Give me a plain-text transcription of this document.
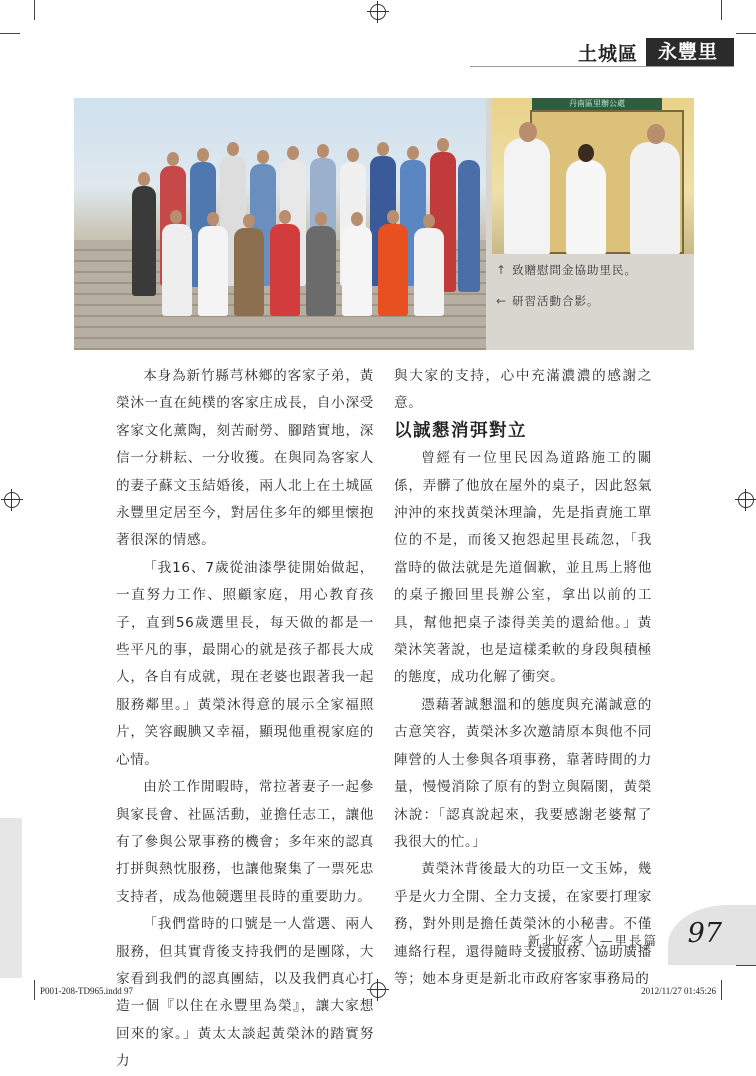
土城區	永豐里
丹南區里辦公處
↑ 致贈慰問金協助里民。
← 研習活動合影。

本身為新竹縣芎林鄉的客家子弟，黃榮沐一直在純樸的客家庄成長，自小深受客家文化薰陶，刻苦耐勞、腳踏實地，深信一分耕耘、一分收獲。在與同為客家人的妻子蘇文玉結婚後，兩人北上在土城區永豐里定居至今，對居住多年的鄉里懷抱著很深的情感。

「我16、7歲從油漆學徒開始做起，一直努力工作、照顧家庭，用心教育孩子，直到56歲選里長，每天做的都是一些平凡的事，最開心的就是孩子都長大成人，各自有成就，現在老婆也跟著我一起服務鄰里。」黃榮沐得意的展示全家福照片，笑容靦腆又幸福，顯現他重視家庭的心情。

由於工作閒暇時，常拉著妻子一起參與家長會、社區活動，並擔任志工，讓他有了參與公眾事務的機會；多年來的認真打拼與熱忱服務，也讓他聚集了一票死忠支持者，成為他競選里長時的重要助力。

「我們當時的口號是一人當選、兩人服務，但其實背後支持我們的是團隊，大家看到我們的認真團結，以及我們真心打造一個『以住在永豐里為榮』，讓大家想回來的家。」黃太太談起黃榮沐的踏實努力

與大家的支持，心中充滿濃濃的感謝之意。

以誠懇消弭對立

曾經有一位里民因為道路施工的關係，弄髒了他放在屋外的桌子，因此怒氣沖沖的來找黃榮沐理論，先是指責施工單位的不是，而後又抱怨起里長疏忽，「我當時的做法就是先道個歉，並且馬上將他的桌子搬回里長辦公室，拿出以前的工具，幫他把桌子漆得美美的還給他。」黃榮沐笑著說，也是這樣柔軟的身段與積極的態度，成功化解了衝突。

憑藉著誠懇溫和的態度與充滿誠意的古意笑容，黃榮沐多次邀請原本與他不同陣營的人士參與各項事務，靠著時間的力量，慢慢消除了原有的對立與隔閡，黃榮沐說：「認真說起來，我要感謝老婆幫了我很大的忙。」

黃榮沐背後最大的功臣一文玉姊，幾乎是火力全開、全力支援，在家要打理家務，對外則是擔任黃榮沐的小秘書。不僅連絡行程，還得隨時支援服務、協助廣播等；她本身更是新北市政府客家事務局的

新北好客人—里長篇 97
P001-208-TD965.indd 97	2012/11/27 01:45:26
